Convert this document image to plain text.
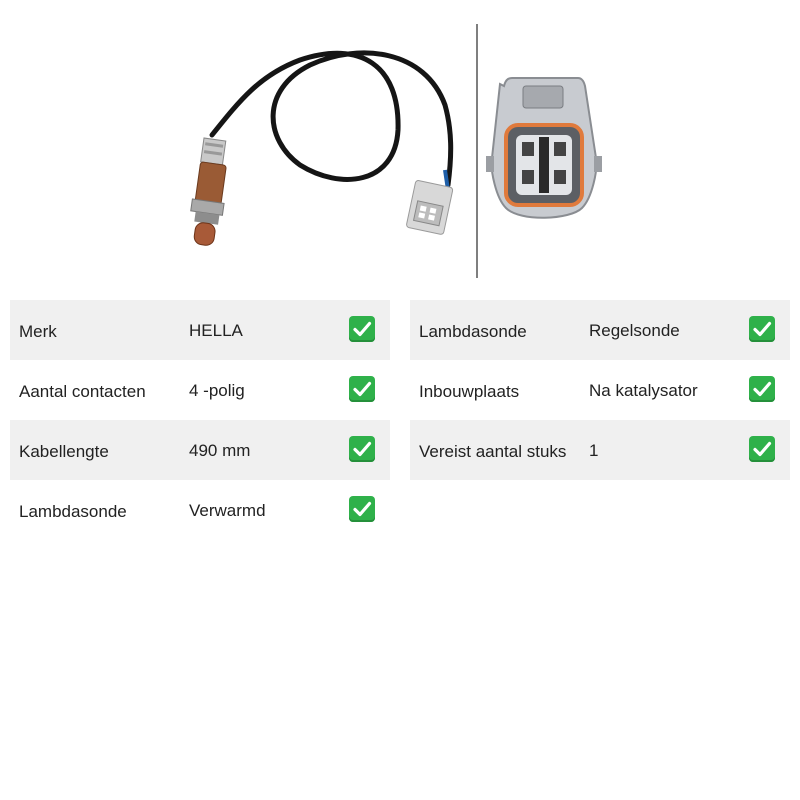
Merk	HELLA
Aantal contacten	4 -polig
Kabellengte	490 mm
Lambdasonde	Verwarmd
Lambdasonde	Regelsonde
Inbouwplaats	Na katalysator
Vereist aantal stuks 1
